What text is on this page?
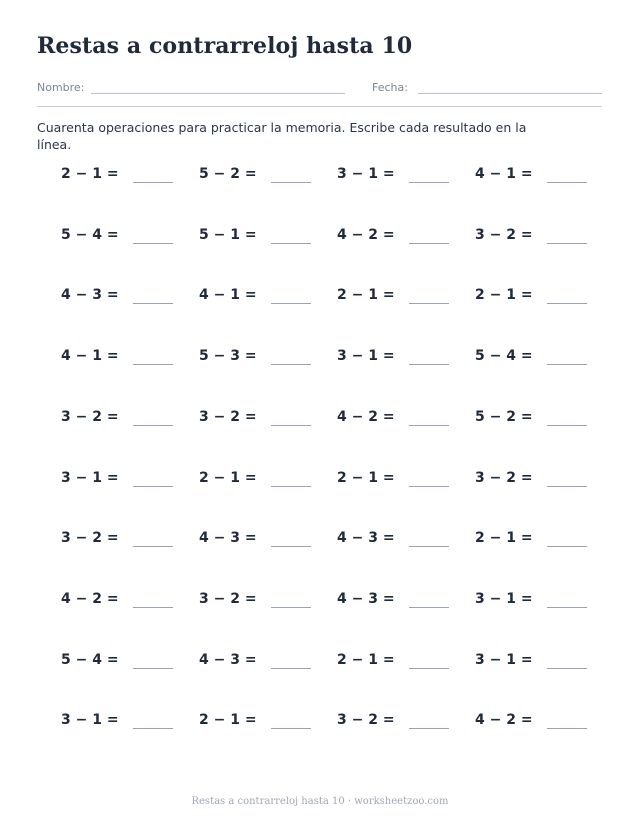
Restas a contrarreloj hasta 10
Nombre:	Fecha:
Cuarenta operaciones para practicar la memoria. Escribe cada resultado en la línea.
2 − 1 =	5 − 2 =	3 − 1 =	4 − 1 =
5 − 4 =	5 − 1 =	4 − 2 =	3 − 2 =
4 − 3 =	4 − 1 =	2 − 1 =	2 − 1 =
4 − 1 =	5 − 3 =	3 − 1 =	5 − 4 =
3 − 2 =	3 − 2 =	4 − 2 =	5 − 2 =
3 − 1 =	2 − 1 =	2 − 1 =	3 − 2 =
3 − 2 =	4 − 3 =	4 − 3 =	2 − 1 =
4 − 2 =	3 − 2 =	4 − 3 =	3 − 1 =
5 − 4 =	4 − 3 =	2 − 1 =	3 − 1 =
3 − 1 =	2 − 1 =	3 − 2 =	4 − 2 =
Restas a contrarreloj hasta 10 · worksheetzoo.com
